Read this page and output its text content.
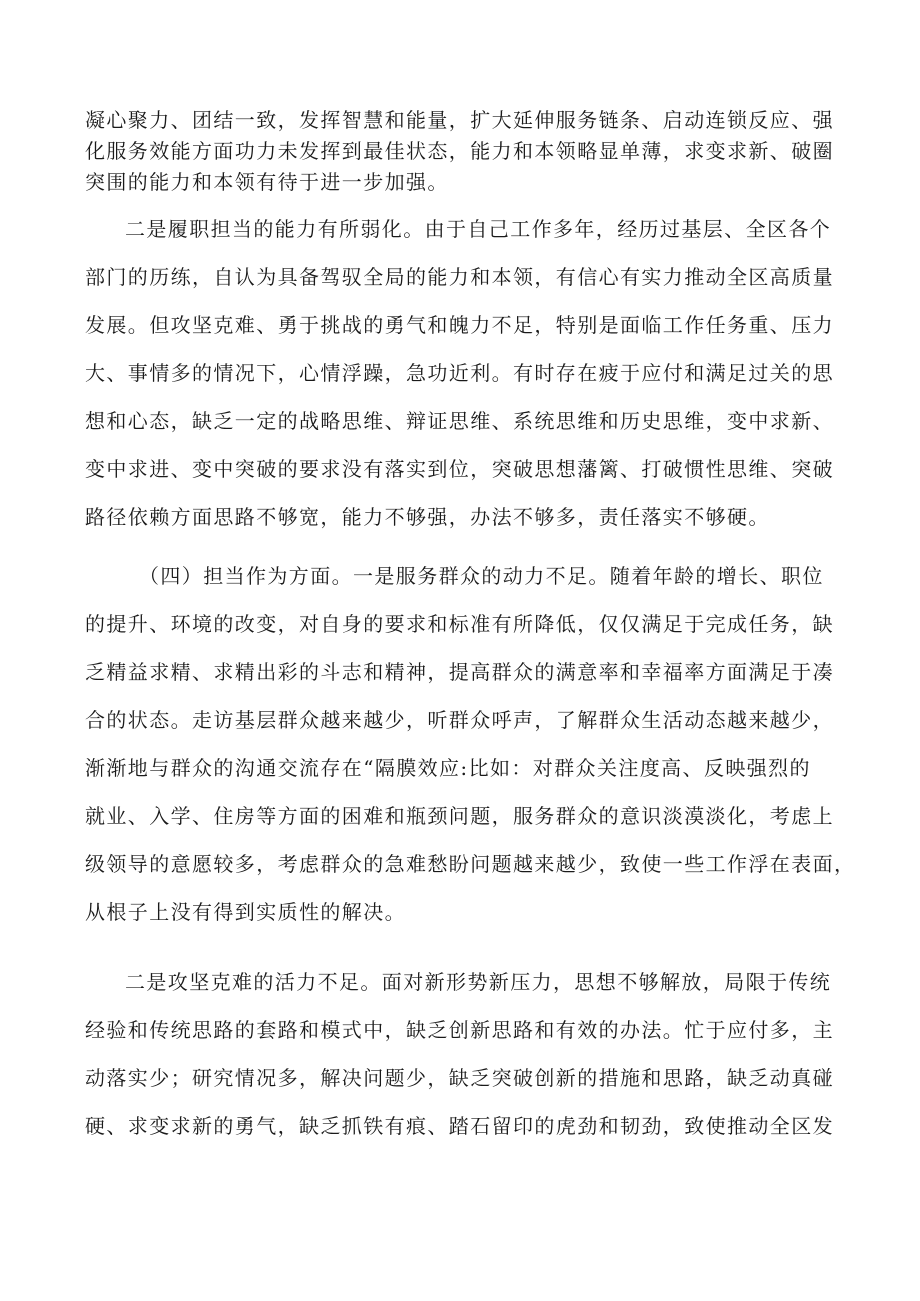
凝心聚力、团结一致，发挥智慧和能量，扩大延伸服务链条、启动连锁反应、强
化服务效能方面功力未发挥到最佳状态，能力和本领略显单薄，求变求新、破圈
突围的能力和本领有待于进一步加强。
二是履职担当的能力有所弱化。由于自己工作多年，经历过基层、全区各个
部门的历练，自认为具备驾驭全局的能力和本领，有信心有实力推动全区高质量
发展。但攻坚克难、勇于挑战的勇气和魄力不足，特别是面临工作任务重、压力
大、事情多的情况下，心情浮躁，急功近利。有时存在疲于应付和满足过关的思
想和心态，缺乏一定的战略思维、辩证思维、系统思维和历史思维，变中求新、
变中求进、变中突破的要求没有落实到位，突破思想藩篱、打破惯性思维、突破
路径依赖方面思路不够宽，能力不够强，办法不够多，责任落实不够硬。
（四）担当作为方面。一是服务群众的动力不足。随着年龄的增长、职位
的提升、环境的改变，对自身的要求和标准有所降低，仅仅满足于完成任务，缺
乏精益求精、求精出彩的斗志和精神，提高群众的满意率和幸福率方面满足于凑
合的状态。走访基层群众越来越少，听群众呼声，了解群众生活动态越来越少，
渐渐地与群众的沟通交流存在“隔膜效应:比如：对群众关注度高、反映强烈的
就业、入学、住房等方面的困难和瓶颈问题，服务群众的意识淡漠淡化，考虑上
级领导的意愿较多，考虑群众的急难愁盼问题越来越少，致使一些工作浮在表面，
从根子上没有得到实质性的解决。
二是攻坚克难的活力不足。面对新形势新压力，思想不够解放，局限于传统
经验和传统思路的套路和模式中，缺乏创新思路和有效的办法。忙于应付多，主
动落实少；研究情况多，解决问题少，缺乏突破创新的措施和思路，缺乏动真碰
硬、求变求新的勇气，缺乏抓铁有痕、踏石留印的虎劲和韧劲，致使推动全区发
